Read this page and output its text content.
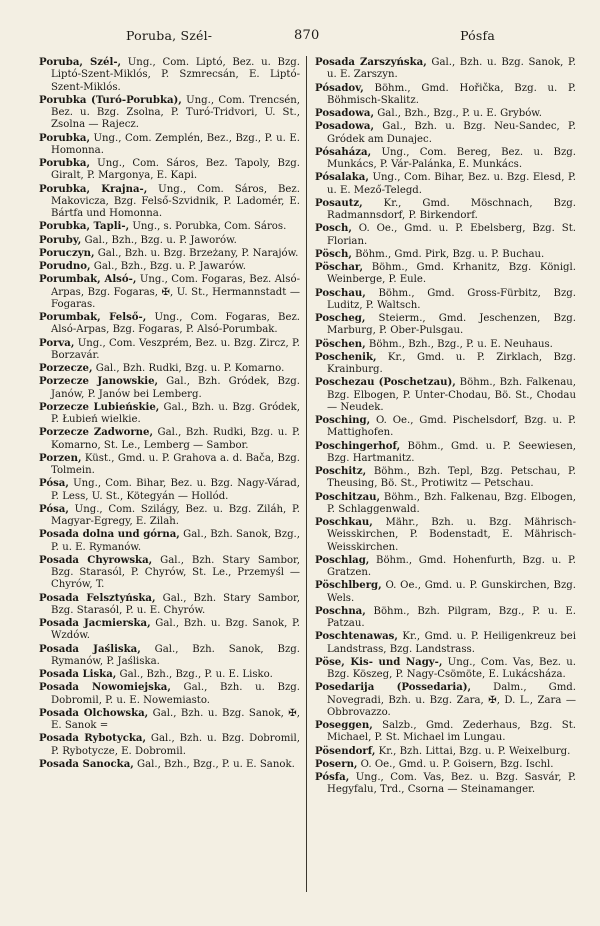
Poruba, Szél-	870	Pósfa

Poruba, Szél-, Ung., Com. Liptó, Bez. u. Bzg. Liptó-Szent-Miklós, P. Szmrecsán, E. Liptó-Szent-Miklós.

Porubka (Turó-Porubka), Ung., Com. Trencsén, Bez. u. Bzg. Zsolna, P. Turó-Tridvori, U. St., Zsolna — Rajecz.

Porubka, Ung., Com. Zemplén, Bez., Bzg., P. u. E. Homonna.

Porubka, Ung., Com. Sáros, Bez. Tapoly, Bzg. Giralt, P. Margonya, E. Kapi.

Porubka, Krajna-, Ung., Com. Sáros, Bez. Makovicza, Bzg. Felső-Szvidnik, P. Ladomér, E. Bártfa und Homonna.

Porubka, Tapli-, Ung., s. Porubka, Com. Sáros.

Poruby, Gal., Bzh., Bzg. u. P. Jaworów.

Poruczyn, Gal., Bzh. u. Bzg. Brzeżany, P. Narajów.

Porudno, Gal., Bzh., Bzg. u. P. Jawarów.

Porumbak, Alsó-, Ung., Com. Fogaras, Bez. Alsó-Arpas, Bzg. Fogaras, ✠, U. St., Hermannstadt — Fogaras.

Porumbak, Felső-, Ung., Com. Fogaras, Bez. Alsó-Arpas, Bzg. Fogaras, P. Alsó-Porumbak.

Porva, Ung., Com. Veszprém, Bez. u. Bzg. Zircz, P. Borzavár.

Porzecze, Gal., Bzh. Rudki, Bzg. u. P. Komarno.

Porzecze Janowskie, Gal., Bzh. Gródek, Bzg. Janów, P. Janów bei Lemberg.

Porzecze Lubieńskie, Gal., Bzh. u. Bzg. Gródek, P. Łubień wielkie.

Porzecze Zadworne, Gal., Bzh. Rudki, Bzg. u. P. Komarno, St. Le., Lemberg — Sambor.

Porzen, Küst., Gmd. u. P. Grahova a. d. Bača, Bzg. Tolmein.

Pósa, Ung., Com. Bihar, Bez. u. Bzg. Nagy-Várad, P. Less, U. St., Kötegyán — Hollód.

Pósa, Ung., Com. Szilágy, Bez. u. Bzg. Ziláh, P. Magyar-Egregy, E. Zilah.

Posada dolna und górna, Gal., Bzh. Sanok, Bzg., P. u. E. Rymanów.

Posada Chyrowska, Gal., Bzh. Stary Sambor, Bzg. Starasól, P. Chyrów, St. Le., Przemyśl — Chyrów, T.

Posada Felsztyńska, Gal., Bzh. Stary Sambor, Bzg. Starasól, P. u. E. Chyrów.

Posada Jacmierska, Gal., Bzh. u. Bzg. Sanok, P. Wzdów.

Posada Jaśliska, Gal., Bzh. Sanok, Bzg. Rymanów, P. Jaśliska.

Posada Liska, Gal., Bzh., Bzg., P. u. E. Lisko.

Posada Nowomiejska, Gal., Bzh. u. Bzg. Dobromil, P. u. E. Nowemiasto.

Posada Olchowska, Gal., Bzh. u. Bzg. Sanok, ✠, E. Sanok =

Posada Rybotycka, Gal., Bzh. u. Bzg. Dobromil, P. Rybotycze, E. Dobromil.

Posada Sanocka, Gal., Bzh., Bzg., P. u. E. Sanok.

Posada Zarszyńska, Gal., Bzh. u. Bzg. Sanok, P. u. E. Zarszyn.

Pósadov, Böhm., Gmd. Hořička, Bzg. u. P. Böhmisch-Skalitz.

Posadowa, Gal., Bzh., Bzg., P. u. E. Grybów.

Posadowa, Gal., Bzh. u. Bzg. Neu-Sandec, P. Gródek am Dunajec.

Pósaháza, Ung., Com. Bereg, Bez. u. Bzg. Munkács, P. Vár-Palánka, E. Munkács.

Pósalaka, Ung., Com. Bihar, Bez. u. Bzg. Elesd, P. u. E. Mező-Telegd.

Posautz, Kr., Gmd. Möschnach, Bzg. Radmannsdorf, P. Birkendorf.

Posch, O. Oe., Gmd. u. P. Ebelsberg, Bzg. St. Florian.

Pösch, Böhm., Gmd. Pirk, Bzg. u. P. Buchau.

Pöschar, Böhm., Gmd. Krhanitz, Bzg. Königl. Weinberge, P. Eule.

Poschau, Böhm., Gmd. Gross-Fürbitz, Bzg. Luditz, P. Waltsch.

Poscheg, Steierm., Gmd. Jeschenzen, Bzg. Marburg, P. Ober-Pulsgau.

Pöschen, Böhm., Bzh., Bzg., P. u. E. Neuhaus.

Poschenik, Kr., Gmd. u. P. Zirklach, Bzg. Krainburg.

Poschezau (Poschetzau), Böhm., Bzh. Falkenau, Bzg. Elbogen, P. Unter-Chodau, Bö. St., Chodau — Neudek.

Posching, O. Oe., Gmd. Pischelsdorf, Bzg. u. P. Mattighofen.

Poschingerhof, Böhm., Gmd. u. P. Seewiesen, Bzg. Hartmanitz.

Poschitz, Böhm., Bzh. Tepl, Bzg. Petschau, P. Theusing, Bö. St., Protiwitz — Petschau.

Poschitzau, Böhm., Bzh. Falkenau, Bzg. Elbogen, P. Schlaggenwald.

Poschkau, Mähr., Bzh. u. Bzg. Mährisch-Weisskirchen, P. Bodenstadt, E. Mährisch-Weisskirchen.

Poschlag, Böhm., Gmd. Hohenfurth, Bzg. u. P. Gratzen.

Pöschlberg, O. Oe., Gmd. u. P. Gunskirchen, Bzg. Wels.

Poschna, Böhm., Bzh. Pilgram, Bzg., P. u. E. Patzau.

Poschtenawas, Kr., Gmd. u. P. Heiligenkreuz bei Landstrass, Bzg. Landstrass.

Pöse, Kis- und Nagy-, Ung., Com. Vas, Bez. u. Bzg. Köszeg, P. Nagy-Csömöte, E. Lukácsháza.

Posedarija (Possedaria), Dalm., Gmd. Novegradi, Bzh. u. Bzg. Zara, ✠, D. L., Zara — Obbrovazzo.

Poseggen, Salzb., Gmd. Zederhaus, Bzg. St. Michael, P. St. Michael im Lungau.

Pösendorf, Kr., Bzh. Littai, Bzg. u. P. Weixelburg.

Posern, O. Oe., Gmd. u. P. Goisern, Bzg. Ischl.

Pósfa, Ung., Com. Vas, Bez. u. Bzg. Sasvár, P. Hegyfalu, Trd., Csorna — Steinamanger.
